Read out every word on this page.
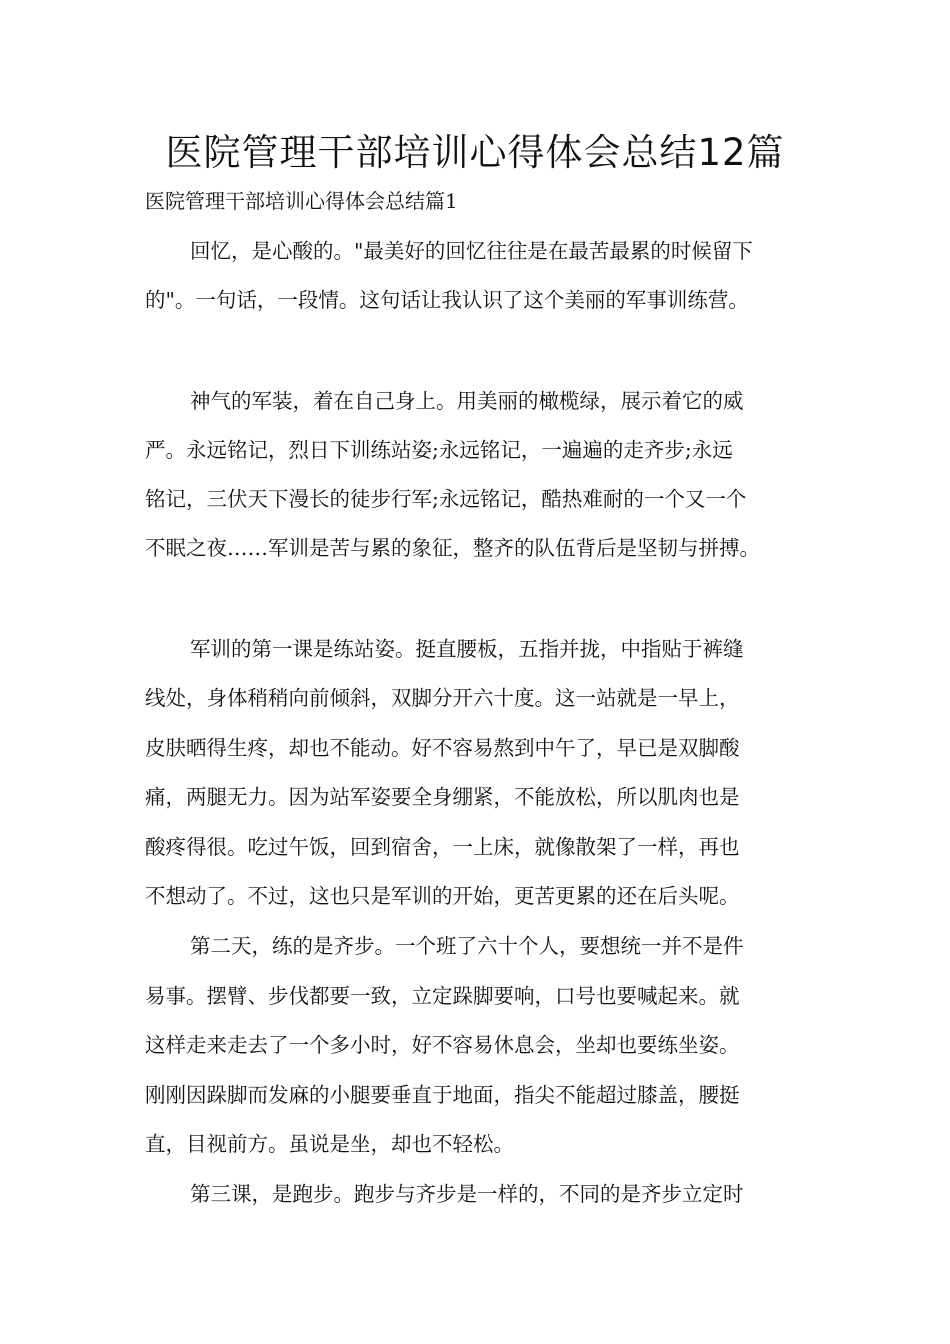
医院管理干部培训心得体会总结12篇
医院管理干部培训心得体会总结篇1
回忆，是心酸的。"最美好的回忆往往是在最苦最累的时候留下
的"。一句话，一段情。这句话让我认识了这个美丽的军事训练营。
神气的军装，着在自己身上。用美丽的橄榄绿，展示着它的威
严。永远铭记，烈日下训练站姿;永远铭记，一遍遍的走齐步;永远
铭记，三伏天下漫长的徒步行军;永远铭记，酷热难耐的一个又一个
不眠之夜……军训是苦与累的象征，整齐的队伍背后是坚韧与拼搏。
军训的第一课是练站姿。挺直腰板，五指并拢，中指贴于裤缝
线处，身体稍稍向前倾斜，双脚分开六十度。这一站就是一早上，
皮肤晒得生疼，却也不能动。好不容易熬到中午了，早已是双脚酸
痛，两腿无力。因为站军姿要全身绷紧，不能放松，所以肌肉也是
酸疼得很。吃过午饭，回到宿舍，一上床，就像散架了一样，再也
不想动了。不过，这也只是军训的开始，更苦更累的还在后头呢。
第二天，练的是齐步。一个班了六十个人，要想统一并不是件
易事。摆臂、步伐都要一致，立定跺脚要响，口号也要喊起来。就
这样走来走去了一个多小时，好不容易休息会，坐却也要练坐姿。
刚刚因跺脚而发麻的小腿要垂直于地面，指尖不能超过膝盖，腰挺
直，目视前方。虽说是坐，却也不轻松。
第三课，是跑步。跑步与齐步是一样的，不同的是齐步立定时
